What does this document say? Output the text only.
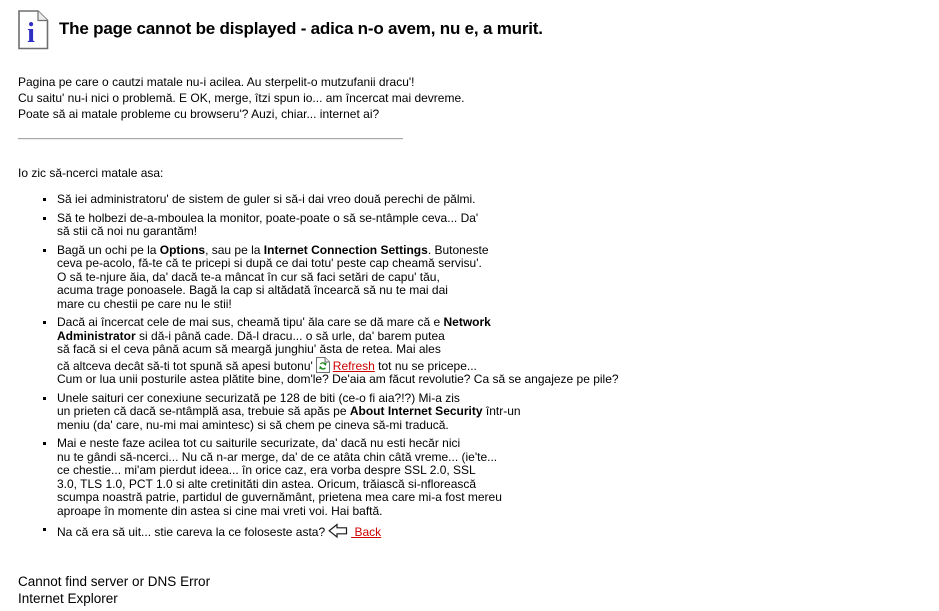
i The page cannot be displayed - adica n-o avem, nu e, a murit.

Pagina pe care o cautzi matale nu-i acilea. Au sterpelit-o mutzufanii dracu'!
Cu saitu' nu-i nici o problemă. E OK, merge, îtzi spun io... am încercat mai devreme.
Poate să ai matale probleme cu browseru'? Auzi, chiar... internet ai?

Io zic să-ncerci matale asa:

Să iei administratoru' de sistem de guler si să-i dai vreo două perechi de pălmi.
Să te holbezi de-a-mboulea la monitor, poate-poate o să se-ntâmple ceva... Da'
să stii că noi nu garantăm!
Bagă un ochi pe la Options, sau pe la Internet Connection Settings. Butoneste
ceva pe-acolo, fă-te că te pricepi si după ce dai totu' peste cap cheamă servisu'.
O să te-njure ăia, da' dacă te-a mâncat în cur să faci setări de capu' tău,
acuma trage ponoasele. Bagă la cap si altădată încearcă să nu te mai dai
mare cu chestii pe care nu le stii!
Dacă ai încercat cele de mai sus, cheamă tipu' ăla care se dă mare că e Network
Administrator si dă-i până cade. Dă-l dracu... o să urle, da' barem putea
să facă si el ceva până acum să meargă junghiu' ăsta de retea. Mai ales
că altceva decât să-ti tot spună să apesi butonu' Refresh tot nu se pricepe...
Cum or lua unii posturile astea plătite bine, dom'le? De'aia am făcut revolutie? Ca să se angajeze pe pile?
Unele saituri cer conexiune securizată pe 128 de biti (ce-o fi aia?!?) Mi-a zis
un prieten că dacă se-ntâmplă asa, trebuie să apăs pe About Internet Security într-un
meniu (da' care, nu-mi mai amintesc) si să chem pe cineva să-mi traducă.
Mai e neste faze acilea tot cu saiturile securizate, da' dacă nu esti hecăr nici
nu te gândi să-ncerci... Nu că n-ar merge, da' de ce atâta chin câtă vreme... (ie'te...
ce chestie... mi'am pierdut ideea... în orice caz, era vorba despre SSL 2.0, SSL
3.0, TLS 1.0, PCT 1.0 si alte cretinităti din astea. Oricum, trăiască si-nflorească
scumpa noastră patrie, partidul de guvernământ, prietena mea care mi-a fost mereu
aproape în momente din astea si cine mai vreti voi. Hai baftă.
Na că era să uit... stie careva la ce foloseste asta? Back
Cannot find server or DNS Error
Internet Explorer
